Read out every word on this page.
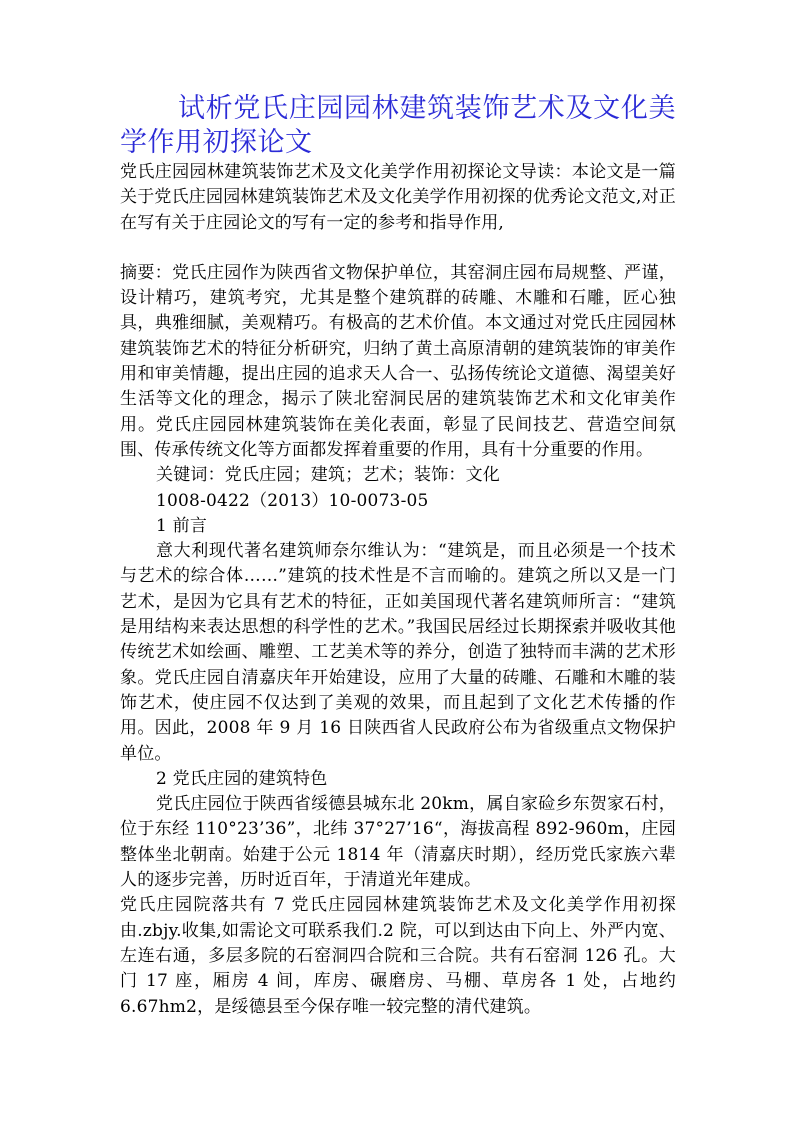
试析党氏庄园园林建筑装饰艺术及文化美学作用初探论文

党氏庄园园林建筑装饰艺术及文化美学作用初探论文导读：本论文是一篇关于党氏庄园园林建筑装饰艺术及文化美学作用初探的优秀论文范文,对正在写有关于庄园论文的写有一定的参考和指导作用,

摘要：党氏庄园作为陕西省文物保护单位，其窑洞庄园布局规整、严谨，设计精巧，建筑考究，尤其是整个建筑群的砖雕、木雕和石雕，匠心独具，典雅细腻，美观精巧。有极高的艺术价值。本文通过对党氏庄园园林建筑装饰艺术的特征分析研究，归纳了黄土高原清朝的建筑装饰的审美作用和审美情趣，提出庄园的追求天人合一、弘扬传统论文道德、渴望美好生活等文化的理念，揭示了陕北窑洞民居的建筑装饰艺术和文化审美作用。党氏庄园园林建筑装饰在美化表面，彰显了民间技艺、营造空间氛围、传承传统文化等方面都发挥着重要的作用，具有十分重要的作用。

关键词：党氏庄园；建筑；艺术；装饰：文化

1008-0422（2013）10-0073-05

1 前言

意大利现代著名建筑师奈尔维认为：“建筑是，而且必须是一个技术与艺术的综合体……”建筑的技术性是不言而喻的。建筑之所以又是一门艺术，是因为它具有艺术的特征，正如美国现代著名建筑师所言：“建筑是用结构来表达思想的科学性的艺术。”我国民居经过长期探索并吸收其他传统艺术如绘画、雕塑、工艺美术等的养分，创造了独特而丰满的艺术形象。党氏庄园自清嘉庆年开始建设，应用了大量的砖雕、石雕和木雕的装饰艺术，使庄园不仅达到了美观的效果，而且起到了文化艺术传播的作用。因此，2008 年 9 月 16 日陕西省人民政府公布为省级重点文物保护单位。

2 党氏庄园的建筑特色

党氏庄园位于陕西省绥德县城东北 20km，属自家硷乡东贺家石村，位于东经 110°23’36”，北纬 37°27’16“，海拔高程 892-960m，庄园整体坐北朝南。始建于公元 1814 年（清嘉庆时期），经历党氏家族六辈人的逐步完善，历时近百年，于清道光年建成。

党氏庄园院落共有 7 党氏庄园园林建筑装饰艺术及文化美学作用初探由.zbjy.收集,如需论文可联系我们.2 院，可以到达由下向上、外严内宽、左连右通，多层多院的石窑洞四合院和三合院。共有石窑洞 126 孔。大门 17 座，厢房 4 间，库房、碾磨房、马棚、草房各 1 处，占地约 6.67hm2，是绥德县至今保存唯一较完整的清代建筑。
